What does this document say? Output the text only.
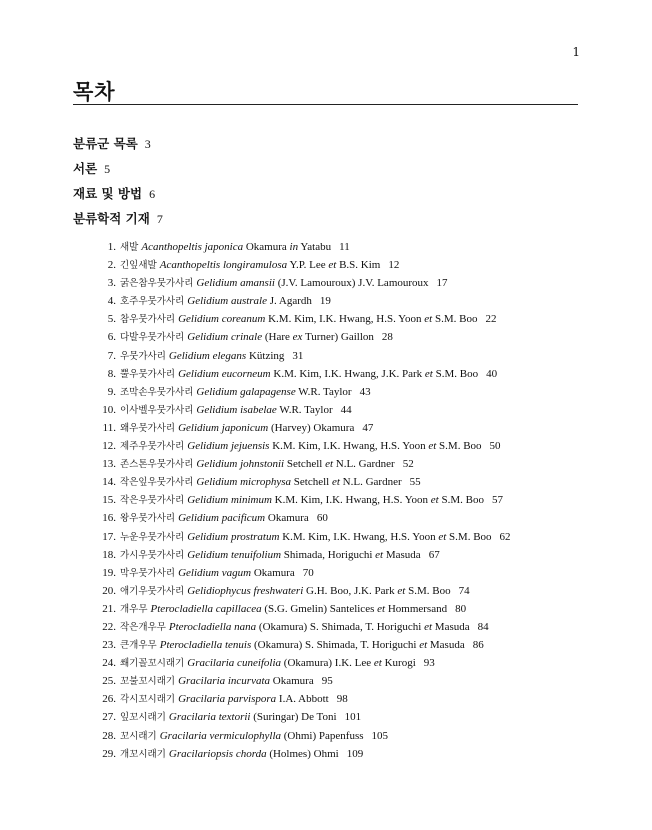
1
목차
분류군 목록 3
서론 5
재료 및 방법 6
분류학적 기재 7
1. 새발 Acanthopeltis japonica Okamura in Yatabu 11
2. 긴잎새발 Acanthopeltis longiramulosa Y.P. Lee et B.S. Kim 12
3. 굵은참우뭇가사리 Gelidium amansii (J.V. Lamouroux) J.V. Lamouroux 17
4. 호주우뭇가사리 Gelidium australe J. Agardh 19
5. 참우뭇가사리 Gelidium coreanum K.M. Kim, I.K. Hwang, H.S. Yoon et S.M. Boo 22
6. 다발우뭇가사리 Gelidium crinale (Hare ex Turner) Gaillon 28
7. 우뭇가사리 Gelidium elegans Kützing 31
8. 뿔우뭇가사리 Gelidium eucorneum K.M. Kim, I.K. Hwang, J.K. Park et S.M. Boo 40
9. 조막손우뭇가사리 Gelidium galapagense W.R. Taylor 43
10. 이사벨우뭇가사리 Gelidium isabelae W.R. Taylor 44
11. 왜우뭇가사리 Gelidium japonicum (Harvey) Okamura 47
12. 제주우뭇가사리 Gelidium jejuensis K.M. Kim, I.K. Hwang, H.S. Yoon et S.M. Boo 50
13. 존스톤우뭇가사리 Gelidium johnstonii Setchell et N.L. Gardner 52
14. 작은잎우뭇가사리 Gelidium microphysa Setchell et N.L. Gardner 55
15. 작은우뭇가사리 Gelidium minimum K.M. Kim, I.K. Hwang, H.S. Yoon et S.M. Boo 57
16. 왕우뭇가사리 Gelidium pacificum Okamura 60
17. 누운우뭇가사리 Gelidium prostratum K.M. Kim, I.K. Hwang, H.S. Yoon et S.M. Boo 62
18. 가시우뭇가사리 Gelidium tenuifolium Shimada, Horiguchi et Masuda 67
19. 막우뭇가사리 Gelidium vagum Okamura 70
20. 애기우뭇가사리 Gelidiophycus freshwateri G.H. Boo, J.K. Park et S.M. Boo 74
21. 개우무 Pterocladiella capillacea (S.G. Gmelin) Santelices et Hommersand 80
22. 작은개우무 Pterocladiella nana (Okamura) S. Shimada, T. Horiguchi et Masuda 84
23. 큰개우무 Pterocladiella tenuis (Okamura) S. Shimada, T. Horiguchi et Masuda 86
24. 쐐기꼴꼬시래기 Gracilaria cuneifolia (Okamura) I.K. Lee et Kurogi 93
25. 꼬불꼬시래기 Gracilaria incurvata Okamura 95
26. 각시꼬시래기 Gracilaria parvispora I.A. Abbott 98
27. 잎꼬시래기 Gracilaria textorii (Suringar) De Toni 101
28. 꼬시래기 Gracilaria vermiculophylla (Ohmi) Papenfuss 105
29. 개꼬시래기 Gracilariopsis chorda (Holmes) Ohmi 109
